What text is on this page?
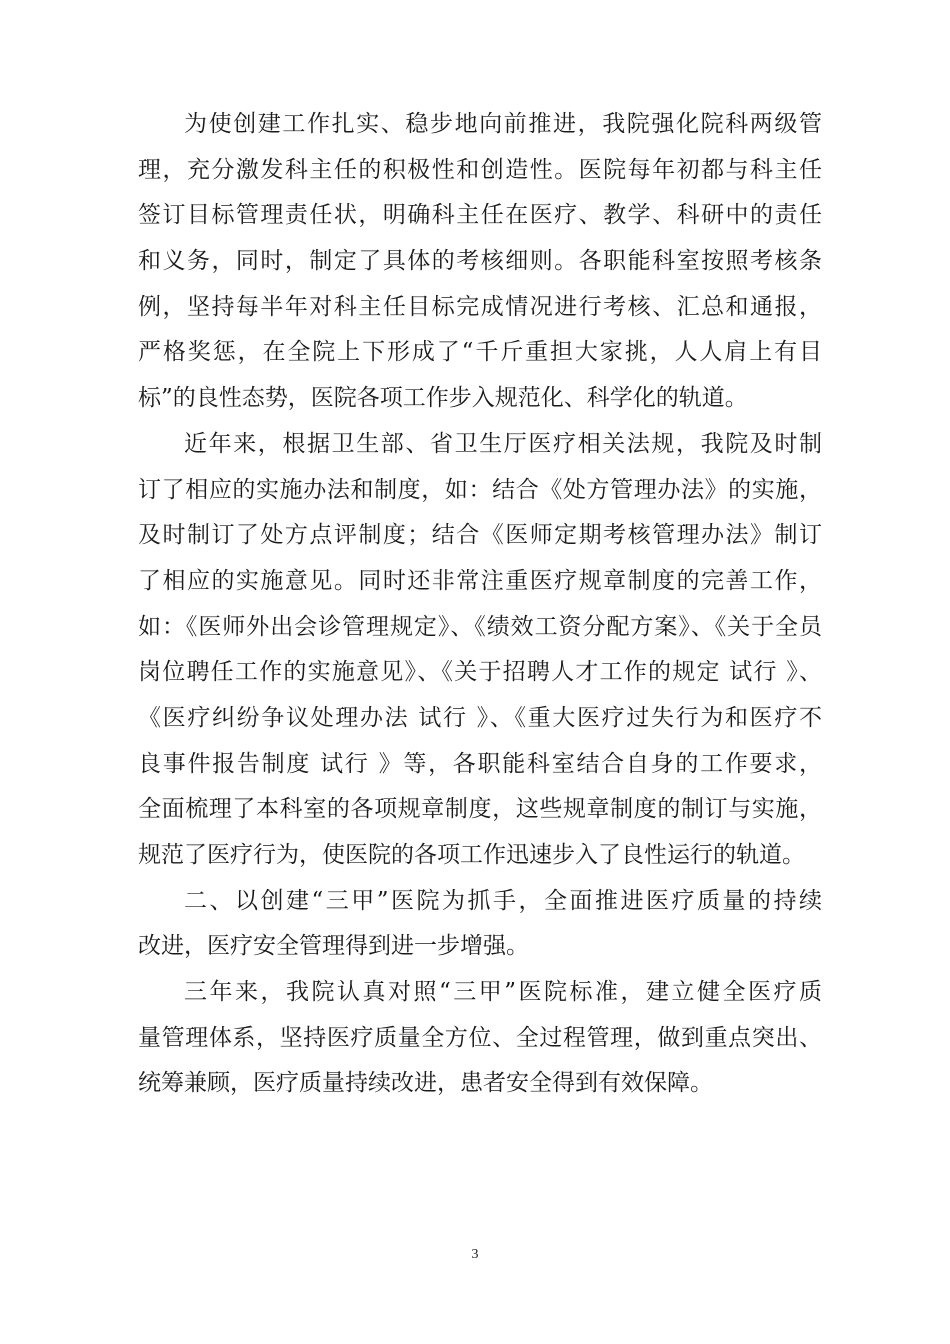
为使创建工作扎实、稳步地向前推进，我院强化院科两级管
理，充分激发科主任的积极性和创造性。医院每年初都与科主任
签订目标管理责任状，明确科主任在医疗、教学、科研中的责任
和义务，同时，制定了具体的考核细则。各职能科室按照考核条
例，坚持每半年对科主任目标完成情况进行考核、汇总和通报，
严格奖惩，在全院上下形成了“千斤重担大家挑，人人肩上有目
标”的良性态势，医院各项工作步入规范化、科学化的轨道。
近年来，根据卫生部、省卫生厅医疗相关法规，我院及时制
订了相应的实施办法和制度，如：结合《处方管理办法》的实施，
及时制订了处方点评制度；结合《医师定期考核管理办法》制订
了相应的实施意见。同时还非常注重医疗规章制度的完善工作，
如：《医师外出会诊管理规定》、《绩效工资分配方案》、《关于全员
岗位聘任工作的实施意见》、《关于招聘人才工作的规定 试行 》、
《医疗纠纷争议处理办法 试行 》、《重大医疗过失行为和医疗不
良事件报告制度 试行 》等，各职能科室结合自身的工作要求，
全面梳理了本科室的各项规章制度，这些规章制度的制订与实施，
规范了医疗行为，使医院的各项工作迅速步入了良性运行的轨道。
二、以创建“三甲”医院为抓手，全面推进医疗质量的持续
改进，医疗安全管理得到进一步增强。
三年来，我院认真对照“三甲”医院标准，建立健全医疗质
量管理体系，坚持医疗质量全方位、全过程管理，做到重点突出、
统筹兼顾，医疗质量持续改进，患者安全得到有效保障。
3
